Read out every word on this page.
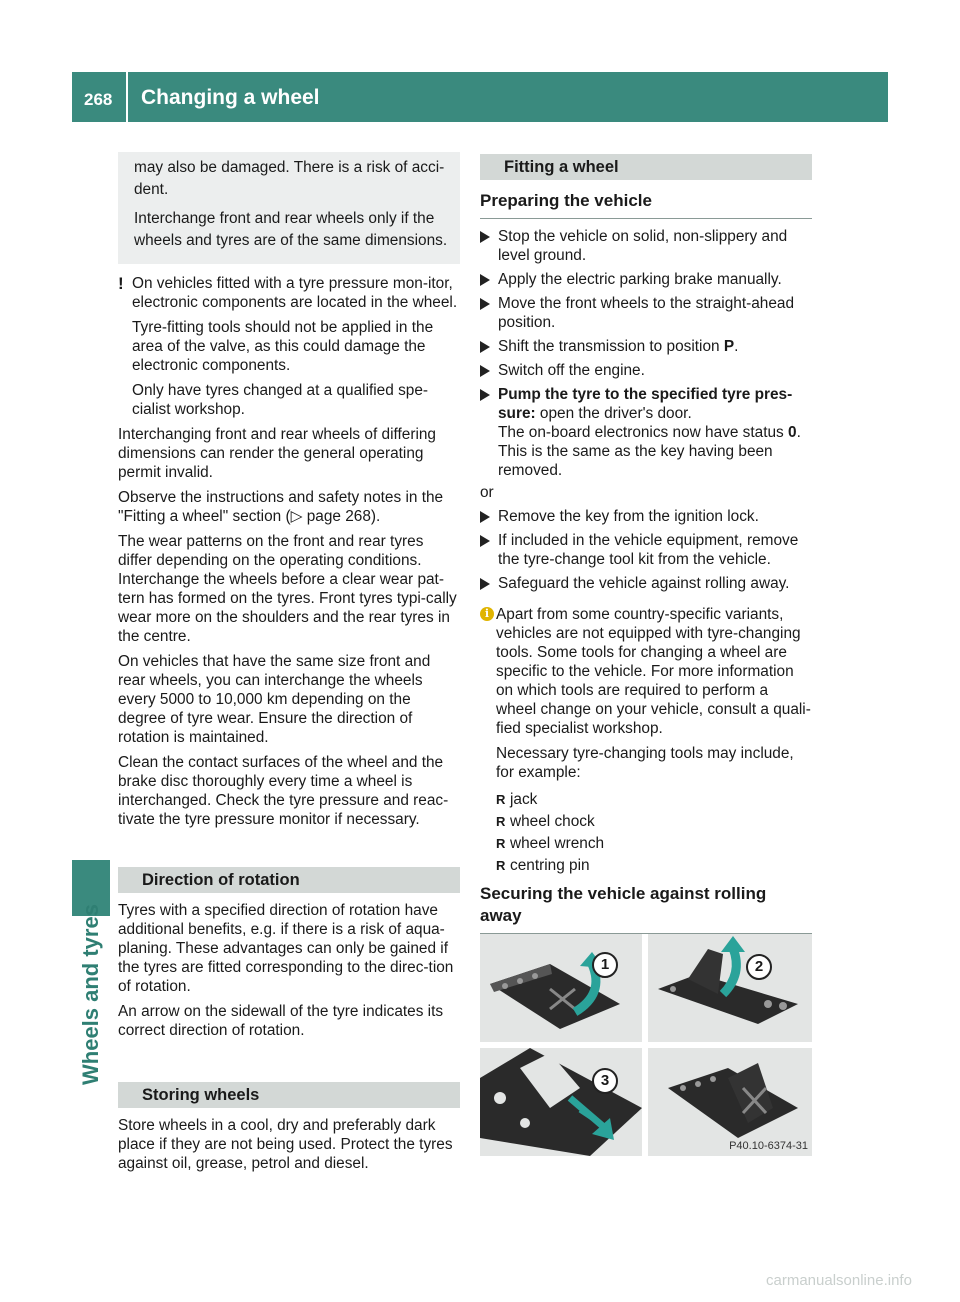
268 Changing a wheel
Wheels and tyres

may also be damaged. There is a risk of acci-dent.

Interchange front and rear wheels only if the wheels and tyres are of the same dimensions.

! On vehicles fitted with a tyre pressure mon-itor, electronic components are located in the wheel.

Tyre-fitting tools should not be applied in the area of the valve, as this could damage the electronic components.

Only have tyres changed at a qualified spe-cialist workshop.

Interchanging front and rear wheels of differing dimensions can render the general operating permit invalid.

Observe the instructions and safety notes in the "Fitting a wheel" section (▷ page 268).

The wear patterns on the front and rear tyres differ depending on the operating conditions. Interchange the wheels before a clear wear pat-tern has formed on the tyres. Front tyres typi-cally wear more on the shoulders and the rear tyres in the centre.

On vehicles that have the same size front and rear wheels, you can interchange the wheels every 5000 to 10,000 km depending on the degree of tyre wear. Ensure the direction of rotation is maintained.

Clean the contact surfaces of the wheel and the brake disc thoroughly every time a wheel is interchanged. Check the tyre pressure and reac-tivate the tyre pressure monitor if necessary.

Direction of rotation

Tyres with a specified direction of rotation have additional benefits, e.g. if there is a risk of aqua-planing. These advantages can only be gained if the tyres are fitted corresponding to the direc-tion of rotation.

An arrow on the sidewall of the tyre indicates its correct direction of rotation.

Storing wheels

Store wheels in a cool, dry and preferably dark place if they are not being used. Protect the tyres against oil, grease, petrol and diesel.

Fitting a wheel
Preparing the vehicle

Stop the vehicle on solid, non-slippery and level ground.

Apply the electric parking brake manually.

Move the front wheels to the straight-ahead position.

Shift the transmission to position P.

Switch off the engine.

Pump the tyre to the specified tyre pres-sure: open the driver's door.

The on-board electronics now have status 0. This is the same as the key having been removed.

or

Remove the key from the ignition lock.

If included in the vehicle equipment, remove the tyre-change tool kit from the vehicle.

Safeguard the vehicle against rolling away.

i Apart from some country-specific variants, vehicles are not equipped with tyre-changing tools. Some tools for changing a wheel are specific to the vehicle. For more information on which tools are required to perform a wheel change on your vehicle, consult a quali-fied specialist workshop.

Necessary tyre-changing tools may include, for example:

R jack
R wheel chock
R wheel wrench
R centring pin
Securing the vehicle against rolling away
1	2
3
P40.10-6374-31
carmanualsonline.info
